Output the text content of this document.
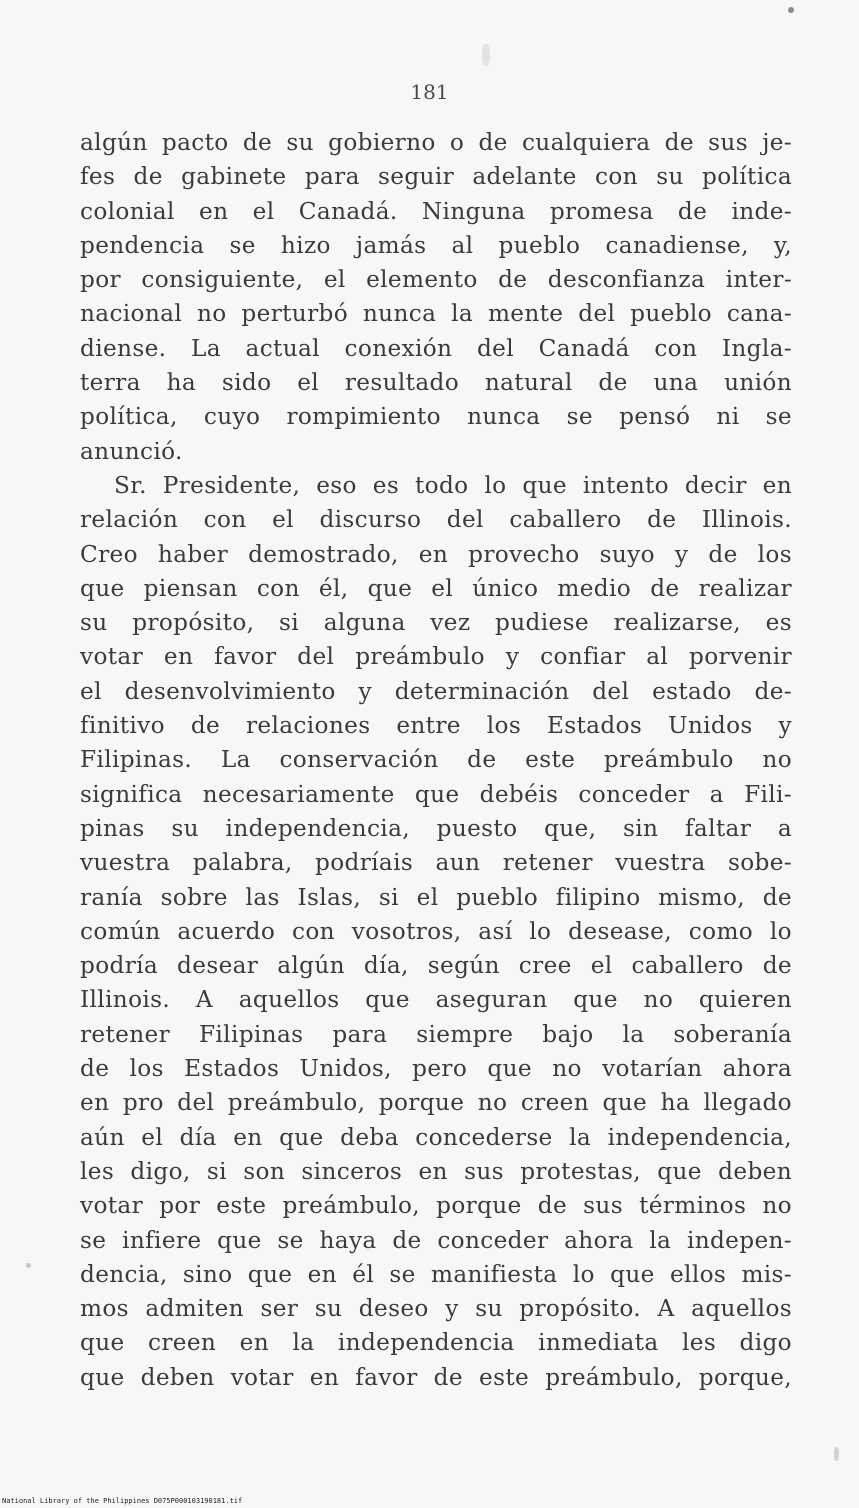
181
algún pacto de su gobierno o de cualquiera de sus je-
fes de gabinete para seguir adelante con su política
colonial en el Canadá. Ninguna promesa de inde-
pendencia se hizo jamás al pueblo canadiense, y,
por consiguiente, el elemento de desconfianza inter-
nacional no perturbó nunca la mente del pueblo cana-
diense. La actual conexión del Canadá con Ingla-
terra ha sido el resultado natural de una unión
política, cuyo rompimiento nunca se pensó ni se
anunció.
Sr. Presidente, eso es todo lo que intento decir en
relación con el discurso del caballero de Illinois.
Creo haber demostrado, en provecho suyo y de los
que piensan con él, que el único medio de realizar
su propósito, si alguna vez pudiese realizarse, es
votar en favor del preámbulo y confiar al porvenir
el desenvolvimiento y determinación del estado de-
finitivo de relaciones entre los Estados Unidos y
Filipinas. La conservación de este preámbulo no
significa necesariamente que debéis conceder a Fili-
pinas su independencia, puesto que, sin faltar a
vuestra palabra, podríais aun retener vuestra sobe-
ranía sobre las Islas, si el pueblo filipino mismo, de
común acuerdo con vosotros, así lo desease, como lo
podría desear algún día, según cree el caballero de
Illinois. A aquellos que aseguran que no quieren
retener Filipinas para siempre bajo la soberanía
de los Estados Unidos, pero que no votarían ahora
en pro del preámbulo, porque no creen que ha llegado
aún el día en que deba concederse la independencia,
les digo, si son sinceros en sus protestas, que deben
votar por este preámbulo, porque de sus términos no
se infiere que se haya de conceder ahora la indepen-
dencia, sino que en él se manifiesta lo que ellos mis-
mos admiten ser su deseo y su propósito. A aquellos
que creen en la independencia inmediata les digo
que deben votar en favor de este preámbulo, porque,
National Library of the Philippines D075P000103190181.tif
